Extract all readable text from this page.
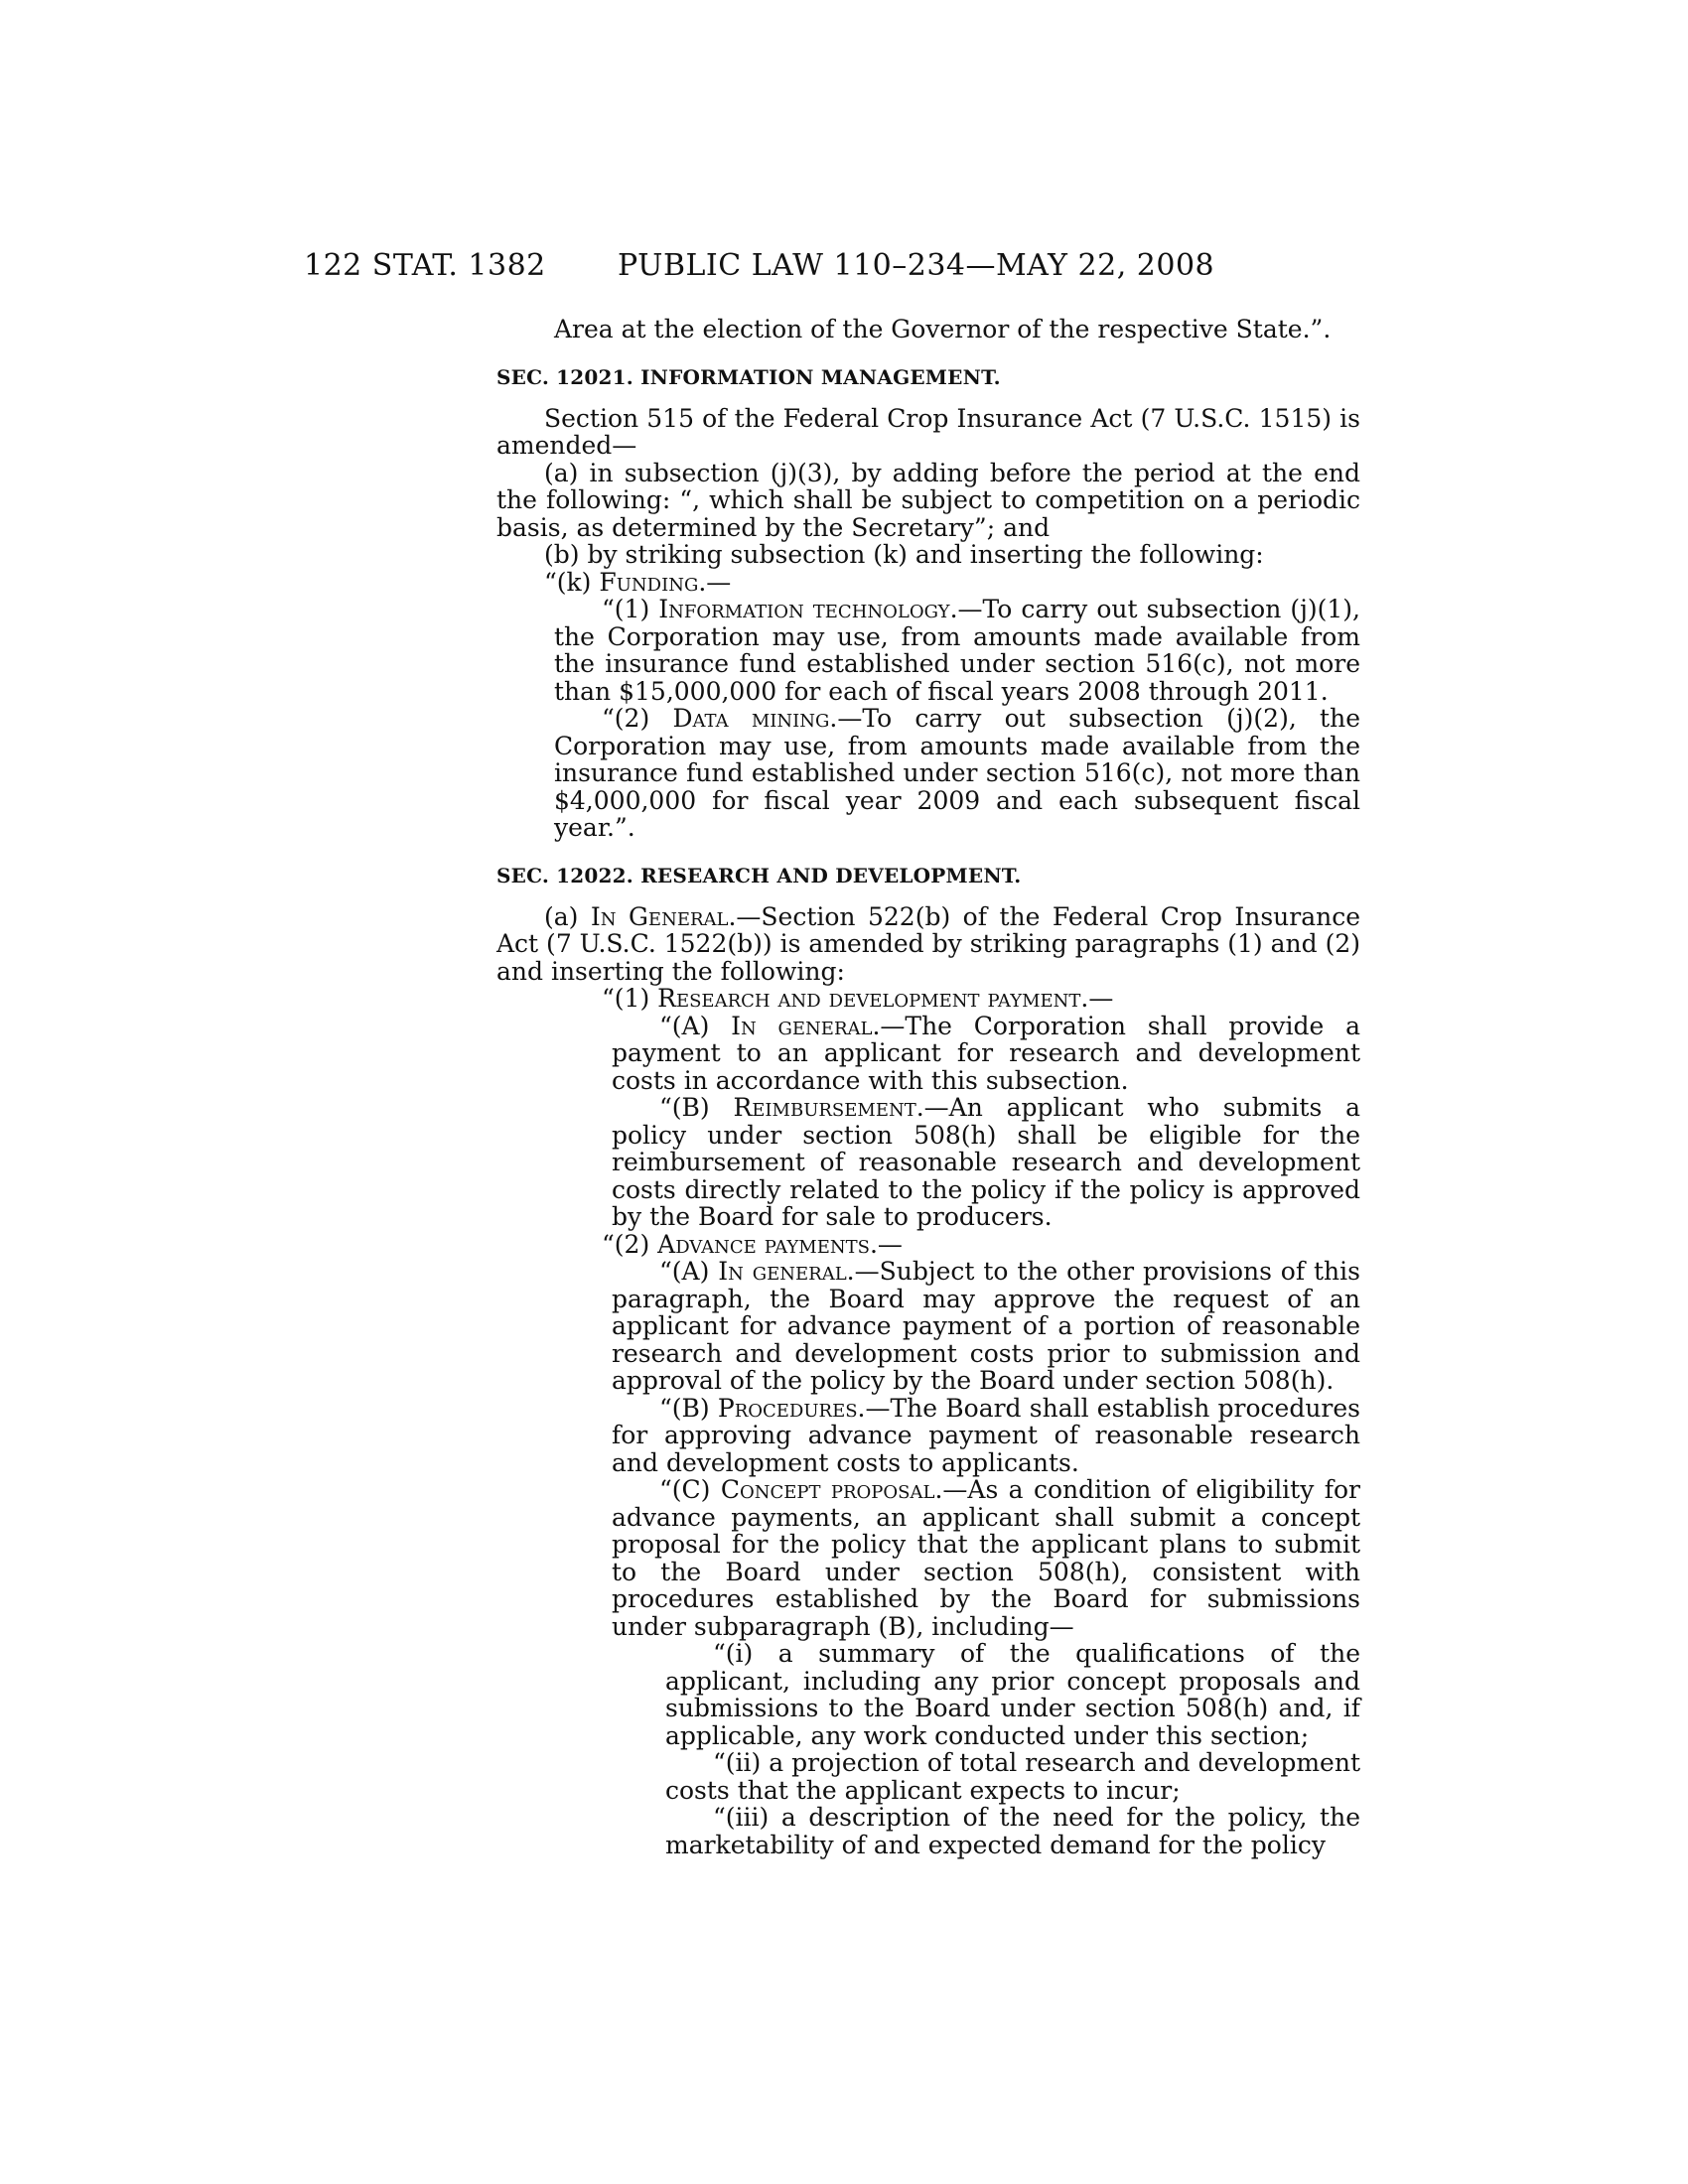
122 STAT. 1382 PUBLIC LAW 110–234—MAY 22, 2008

Area at the election of the Governor of the respective State.”.

SEC. 12021. INFORMATION MANAGEMENT.

Section 515 of the Federal Crop Insurance Act (7 U.S.C. 1515) is amended—

(a) in subsection (j)(3), by adding before the period at the end the following: “, which shall be subject to competition on a periodic basis, as determined by the Secretary”; and

(b) by striking subsection (k) and inserting the following:

“(k) Funding.—

“(1) Information technology.—To carry out subsection (j)(1), the Corporation may use, from amounts made available from the insurance fund established under section 516(c), not more than $15,000,000 for each of fiscal years 2008 through 2011.

“(2) Data mining.—To carry out subsection (j)(2), the Corporation may use, from amounts made available from the insurance fund established under section 516(c), not more than $4,000,000 for fiscal year 2009 and each subsequent fiscal year.”.

SEC. 12022. RESEARCH AND DEVELOPMENT.

(a) In General.—Section 522(b) of the Federal Crop Insurance Act (7 U.S.C. 1522(b)) is amended by striking paragraphs (1) and (2) and inserting the following:

“(1) Research and development payment.—

“(A) In general.—The Corporation shall provide a payment to an applicant for research and development costs in accordance with this subsection.

“(B) Reimbursement.—An applicant who submits a policy under section 508(h) shall be eligible for the reimbursement of reasonable research and development costs directly related to the policy if the policy is approved by the Board for sale to producers.

“(2) Advance payments.—

“(A) In general.—Subject to the other provisions of this paragraph, the Board may approve the request of an applicant for advance payment of a portion of reasonable research and development costs prior to submission and approval of the policy by the Board under section 508(h).

“(B) Procedures.—The Board shall establish procedures for approving advance payment of reasonable research and development costs to applicants.

“(C) Concept proposal.—As a condition of eligibility for advance payments, an applicant shall submit a concept proposal for the policy that the applicant plans to submit to the Board under section 508(h), consistent with procedures established by the Board for submissions under subparagraph (B), including—

“(i) a summary of the qualifications of the applicant, including any prior concept proposals and submissions to the Board under section 508(h) and, if applicable, any work conducted under this section;

“(ii) a projection of total research and development costs that the applicant expects to incur;

“(iii) a description of the need for the policy, the marketability of and expected demand for the policy
